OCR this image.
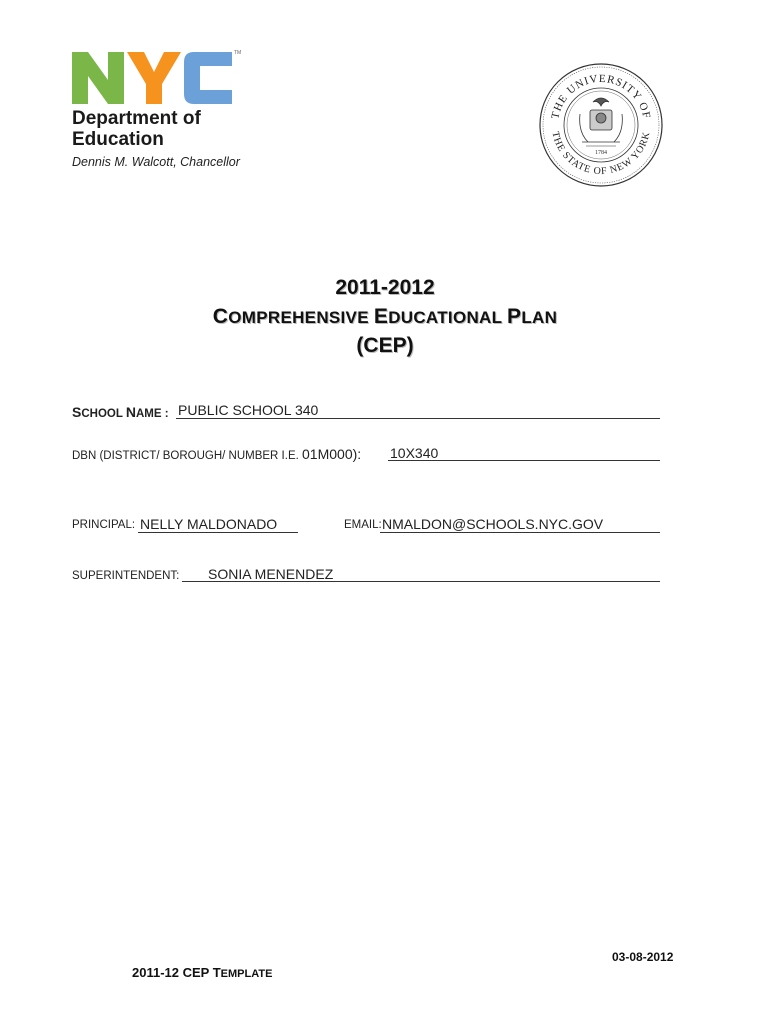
TM
Department of
Education
Dennis M. Walcott, Chancellor
THE UNIVERSITY OF
THE STATE OF NEW YORK
1784
2011-2012
COMPREHENSIVE EDUCATIONAL PLAN
(CEP)
SCHOOL NAME : PUBLIC SCHOOL 340
DBN (DISTRICT/ BOROUGH/ NUMBER I.E. 01M000): 10X340
PRINCIPAL: NELLY MALDONADO	EMAIL: NMALDON@SCHOOLS.NYC.GOV
SUPERINTENDENT: SONIA MENENDEZ
03-08-2012
2011-12 CEP TEMPLATE
